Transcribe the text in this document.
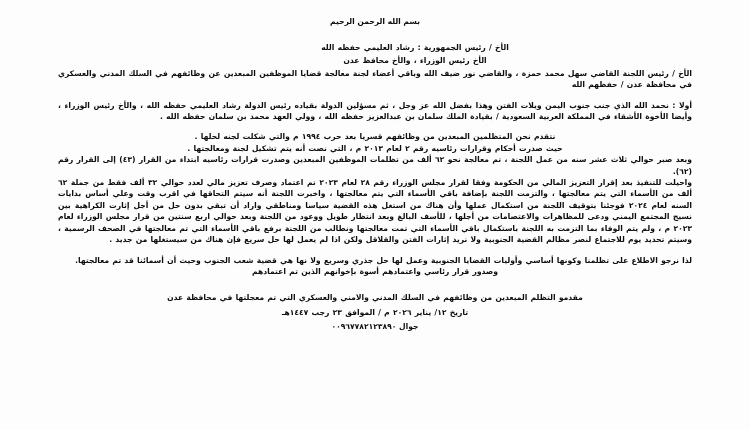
بسم الله الرحمن الرحيم

الأخ / رئيس الجمهورية : رشاد العليمي حفظه الله

الأخ رئيس الوزراء ، والأخ محافظ عدن

الأخ / رئيس اللجنة القاضي سهل محمد حمزة ، والقاضي نور ضيف الله وباقي أعضاء لجنة معالجة قضايا الموظفين المبعدين عن وظائفهم في السلك المدني والعسكري في محافظة عدن / حفظهم الله

أولا : نحمد الله الذي جنب جنوب اليمن ويلات الفتن وهذا بفضل الله عز وجل ، ثم مسؤلين الدولة بقياده رئيس الدولة رشاد العليمي حفظه الله ، والأخ رئيس الوزراء ، وأيضا الأخوة الأشقاء في المملكة العربية السعودية / بقيادة الملك سلمان بن عبدالعزيز حفظه الله ، وولي العهد محمد بن سلمان حفظه الله .

نتقدم نحن المتظلمين المبعدين من وظائفهم قسريا بعد حرب ١٩٩٤ م والتي شكلت لجنه لحلها .

حيث صدرت أحكام وقرارات رئاسيه رقم ٢ لعام ٢٠١٣ م ، التي نصت أنه يتم تشكيل لجنة ومعالجتها .

وبعد صبر حوالي ثلاث عشر سنه من عمل اللجنة ، تم معالجة نحو ٦٢ ألف من تظلمات الموظفين المبعدين وصدرت قرارات رئاسيه ابتداء من القرار (٤٣) إلى القرار رقم (٦٢).

واحيلت للتنفيذ بعد إقرار التعزيز المالي من الحكومة وفقا لقرار مجلس الوزراء رقم ٢٨ لعام ٢٠٢٣ تم اعتماد وصرف تعزيز مالي لعدد حوالي ٣٢ ألف فقط من جملة ٦٢ ألف من الأسماء التي يتم معالجتها ، والتزمت اللجنة بإضافة باقي الأسماء التي يتم معالجتها ، واخبرت اللجنة أنه سيتم التحاقها في اقرب وقت وعلي أساس بدايات السنه لعام ٢٠٢٤ فوجئنا بتوقيف اللجنة من استكمال عملها وأن هناك من استغل هذه القضية سياسا ومناطقي واراد أن تبقي بدون حل من أجل إثارت الكراهية بين نسيج المجتمع اليمني ودعى للمظاهرات والاعتصامات من أجلها ، للأسف البالغ وبعد انتظار طويل ووعود من اللجنة وبعد حوالي اربع سنتين من قرار مجلس الوزراء لعام ٢٠٢٣ م ، ولم يتم الوفاء بما التزمت به اللجنة باستكمال باقي الأسماء التي تمت معالجتها ونطالب من اللجنة برفع باقي الأسماء التي تم معالجتها في الصحف الرسمية ، وسيتم تحديد يوم للاجتماع لنصر مظالم القضية الجنوبية ولا نريد إثارات الفتن والقلاقل ولكن اذا لم يعمل لها حل سريع فإن هناك من سيستغلها من جديد .

لذا نرجو الاطلاع على تظلمنا وكونها أساسي وأوليات القضايا الجنوبية وعمل لها حل جذري وسريع ولا نها هي قضية شعب الجنوب وحيث أن أسمائنا قد تم معالجتها.

وصدور قرار رئاسي واعتمادهم أسوة بإخوانهم الذين تم اعتمادهم

مقدمو التظلم المبعدين من وظائفهم في السلك المدني والامني والعسكري التي تم معجلتها في محافظة عدن

تاريخ ١٢/ يناير ٢٠٢٦ م / الموافق ٢٣ رجب ١٤٤٧هـ

جوال ٠٠٩٦٧٧٨٢١٢٣٨٩٠
